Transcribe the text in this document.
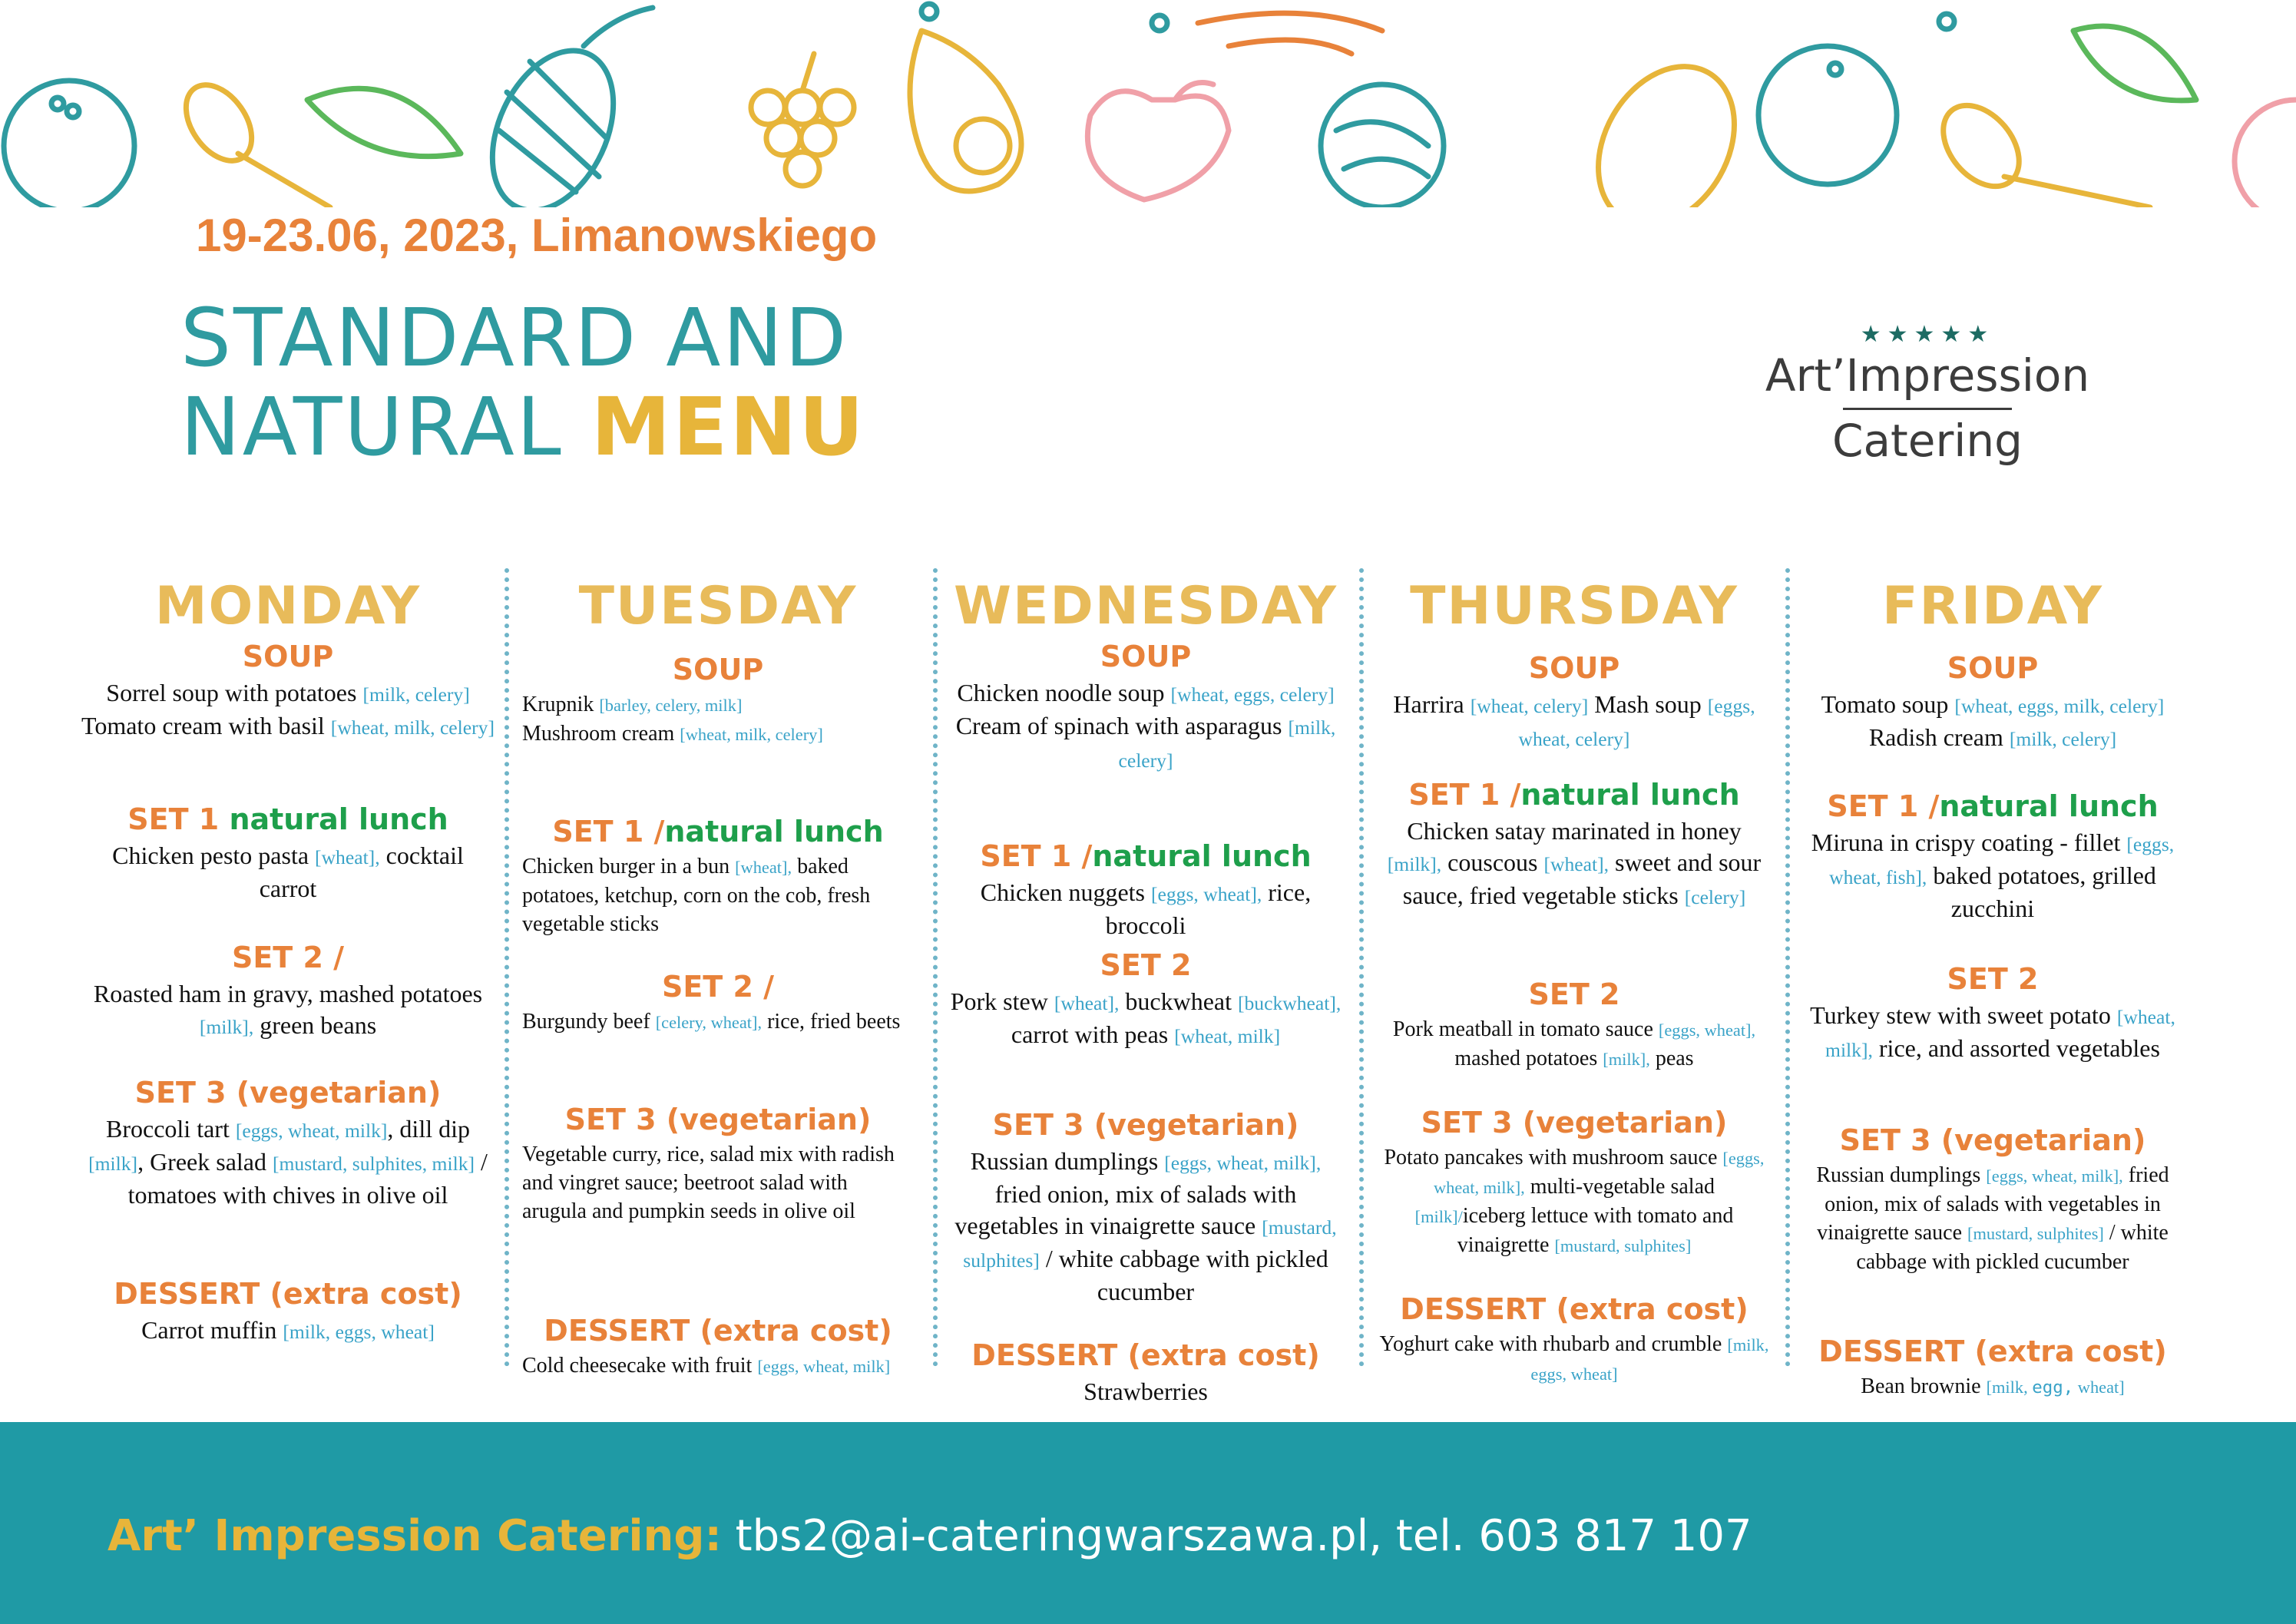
19-23.06, 2023, Limanowskiego

STANDARD AND
NATURAL MENU
★★★★★
Art’Impression
Catering
MONDAY
SOUP
Sorrel soup with potatoes [milk, celery] Tomato cream with basil [wheat, milk, celery]
SET 1 natural lunch
Chicken pesto pasta [wheat], cocktail carrot
SET 2 /
Roasted ham in gravy, mashed potatoes [milk], green beans
SET 3 (vegetarian)
Broccoli tart [eggs, wheat, milk], dill dip [milk], Greek salad [mustard, sulphites, milk] / tomatoes with chives in olive oil
DESSERT (extra cost)
Carrot muffin [milk, eggs, wheat]
TUESDAY
SOUP
Krupnik [barley, celery, milk]
Mushroom cream [wheat, milk, celery]
SET 1 /natural lunch
Chicken burger in a bun [wheat], baked potatoes, ketchup, corn on the cob, fresh vegetable sticks
SET 2 /
Burgundy beef [celery, wheat], rice, fried beets
SET 3 (vegetarian)
Vegetable curry, rice, salad mix with radish and vingret sauce; beetroot salad with arugula and pumpkin seeds in olive oil
DESSERT (extra cost)
Cold cheesecake with fruit [eggs, wheat, milk]
WEDNESDAY
SOUP
Chicken noodle soup [wheat, eggs, celery] Cream of spinach with asparagus [milk, celery]
SET 1 /natural lunch
Chicken nuggets [eggs, wheat], rice, broccoli
SET 2
Pork stew [wheat], buckwheat [buckwheat], carrot with peas [wheat, milk]
SET 3 (vegetarian)
Russian dumplings [eggs, wheat, milk], fried onion, mix of salads with vegetables in vinaigrette sauce [mustard, sulphites] / white cabbage with pickled cucumber
DESSERT (extra cost)
Strawberries
THURSDAY
SOUP
Harrira [wheat, celery] Mash soup [eggs, wheat, celery]
SET 1 /natural lunch
Chicken satay marinated in honey [milk], couscous [wheat], sweet and sour sauce, fried vegetable sticks [celery]
SET 2
Pork meatball in tomato sauce [eggs, wheat], mashed potatoes [milk], peas
SET 3 (vegetarian)
Potato pancakes with mushroom sauce [eggs, wheat, milk], multi-vegetable salad [milk]/iceberg lettuce with tomato and vinaigrette [mustard, sulphites]
DESSERT (extra cost)
Yoghurt cake with rhubarb and crumble [milk, eggs, wheat]
FRIDAY
SOUP
Tomato soup [wheat, eggs, milk, celery] Radish cream [milk, celery]
SET 1 /natural lunch
Miruna in crispy coating - fillet [eggs, wheat, fish], baked potatoes, grilled zucchini
SET 2
Turkey stew with sweet potato [wheat, milk], rice, and assorted vegetables
SET 3 (vegetarian)
Russian dumplings [eggs, wheat, milk], fried onion, mix of salads with vegetables in vinaigrette sauce [mustard, sulphites] / white cabbage with pickled cucumber
DESSERT (extra cost)
Bean brownie [milk, egg, wheat]
Art’ Impression Catering: tbs2@ai-cateringwarszawa.pl, tel. 603 817 107
